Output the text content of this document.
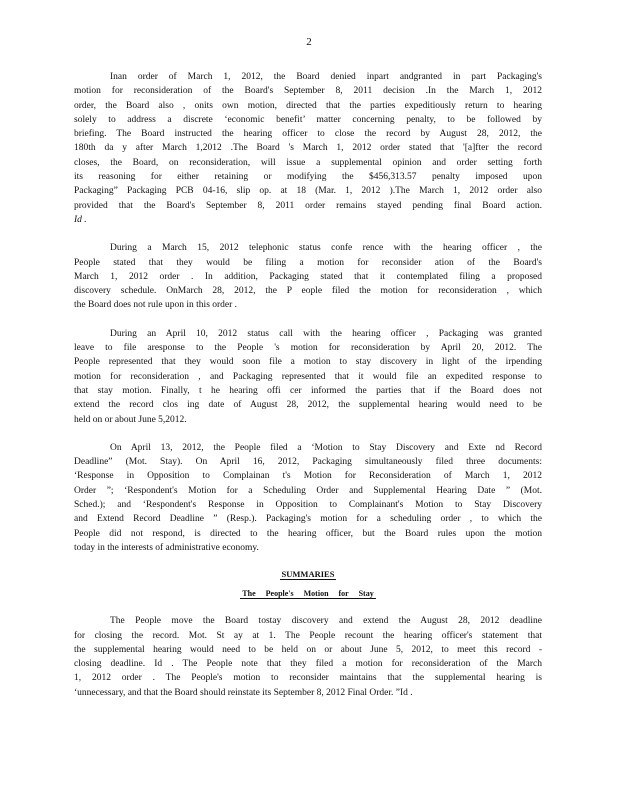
2
Inan order of March 1, 2012, the Board denied inpart andgranted in part Packaging's
motion for reconsideration of the Board's September 8, 2011 decision .In the March 1, 2012
order, the Board also , onits own motion, directed that the parties expeditiously return to hearing
solely to address a discrete ‘economic benefit’ matter concerning penalty, to be followed by
briefing. The Board instructed the hearing officer to close the record by August 28, 2012, the
180th da y after March 1,2012 .The Board 's March 1, 2012 order stated that '[a]fter the record
closes, the Board, on reconsideration, will issue a supplemental opinion and order setting forth
its reasoning for either retaining or modifying the $456,313.57 penalty imposed upon
Packaging” Packaging PCB 04-16, slip op. at 18 (Mar. 1, 2012 ).The March 1, 2012 order also
provided that the Board's September 8, 2011 order remains stayed pending final Board action.
Id .
During a March 15, 2012 telephonic status confe rence with the hearing officer , the
People stated that they would be filing a motion for reconsider ation of the Board's
March 1, 2012 order . In addition, Packaging stated that it contemplated filing a proposed
discovery schedule. OnMarch 28, 2012, the P eople filed the motion for reconsideration , which
the Board does not rule upon in this order .
During an April 10, 2012 status call with the hearing officer , Packaging was granted
leave to file aresponse to the People 's motion for reconsideration by April 20, 2012. The
People represented that they would soon file a motion to stay discovery in light of the irpending
motion for reconsideration , and Packaging represented that it would file an expedited response to
that stay motion. Finally, t he hearing offi cer informed the parties that if the Board does not
extend the record clos ing date of August 28, 2012, the supplemental hearing would need to be
held on or about June 5,2012.
On April 13, 2012, the People filed a ‘Motion to Stay Discovery and Exte nd Record
Deadline” (Mot. Stay). On April 16, 2012, Packaging simultaneously filed three documents:
‘Response in Opposition to Complainan t's Motion for Reconsideration of March 1, 2012
Order ”; ‘Respondent's Motion for a Scheduling Order and Supplemental Hearing Date ” (Mot.
Sched.); and ‘Respondent's Response in Opposition to Complainant's Motion to Stay Discovery
and Extend Record Deadline ” (Resp.). Packaging's motion for a scheduling order , to which the
People did not respond, is directed to the hearing officer, but the Board rules upon the motion
today in the interests of administrative economy.
SUMMARIES
The People's Motion for Stay
The People move the Board tostay discovery and extend the August 28, 2012 deadline
for closing the record. Mot. St ay at 1. The People recount the hearing officer's statement that
the supplemental hearing would need to be held on or about June 5, 2012, to meet this record -
closing deadline. Id . The People note that they filed a motion for reconsideration of the March
1, 2012 order . The People's motion to reconsider maintains that the supplemental hearing is
‘unnecessary, and that the Board should reinstate its September 8, 2012 Final Order. ”Id .
